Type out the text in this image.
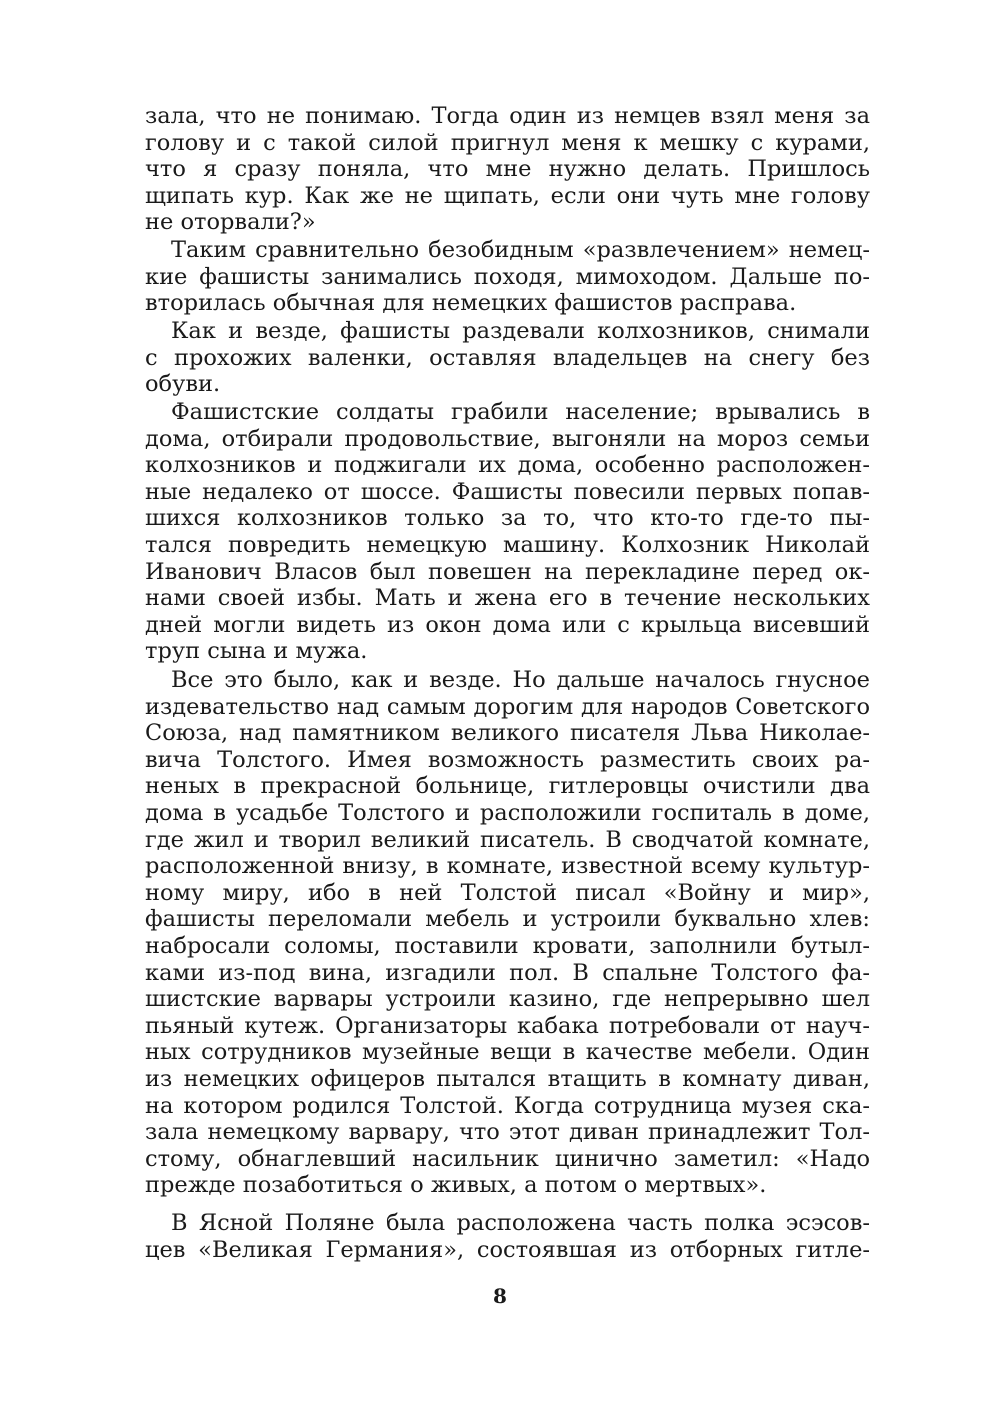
зала, что не понимаю. Тогда один из немцев взял меня за
голову и с такой силой пригнул меня к мешку с курами,
что я сразу поняла, что мне нужно делать. Пришлось
щипать кур. Как же не щипать, если они чуть мне голову
не оторвали?»
Таким сравнительно безобидным «развлечением» немец-
кие фашисты занимались походя, мимоходом. Дальше по-
вторилась обычная для немецких фашистов расправа.
Как и везде, фашисты раздевали колхозников, снимали
с прохожих валенки, оставляя владельцев на снегу без
обуви.
Фашистские солдаты грабили население; врывались в
дома, отбирали продовольствие, выгоняли на мороз семьи
колхозников и поджигали их дома, особенно расположен-
ные недалеко от шоссе. Фашисты повесили первых попав-
шихся колхозников только за то, что кто-то где-то пы-
тался повредить немецкую машину. Колхозник Николай
Иванович Власов был повешен на перекладине перед ок-
нами своей избы. Мать и жена его в течение нескольких
дней могли видеть из окон дома или с крыльца висевший
труп сына и мужа.
Все это было, как и везде. Но дальше началось гнусное
издевательство над самым дорогим для народов Советского
Союза, над памятником великого писателя Льва Николае-
вича Толстого. Имея возможность разместить своих ра-
неных в прекрасной больнице, гитлеровцы очистили два
дома в усадьбе Толстого и расположили госпиталь в доме,
где жил и творил великий писатель. В сводчатой комнате,
расположенной внизу, в комнате, известной всему культур-
ному миру, ибо в ней Толстой писал «Войну и мир»,
фашисты переломали мебель и устроили буквально хлев:
набросали соломы, поставили кровати, заполнили бутыл-
ками из-под вина, изгадили пол. В спальне Толстого фа-
шистские варвары устроили казино, где непрерывно шел
пьяный кутеж. Организаторы кабака потребовали от науч-
ных сотрудников музейные вещи в качестве мебели. Один
из немецких офицеров пытался втащить в комнату диван,
на котором родился Толстой. Когда сотрудница музея ска-
зала немецкому варвару, что этот диван принадлежит Тол-
стому, обнаглевший насильник цинично заметил: «Надо
прежде позаботиться о живых, а потом о мертвых».
В Ясной Поляне была расположена часть полка эсэсов-
цев «Великая Германия», состоявшая из отборных гитле-
8
